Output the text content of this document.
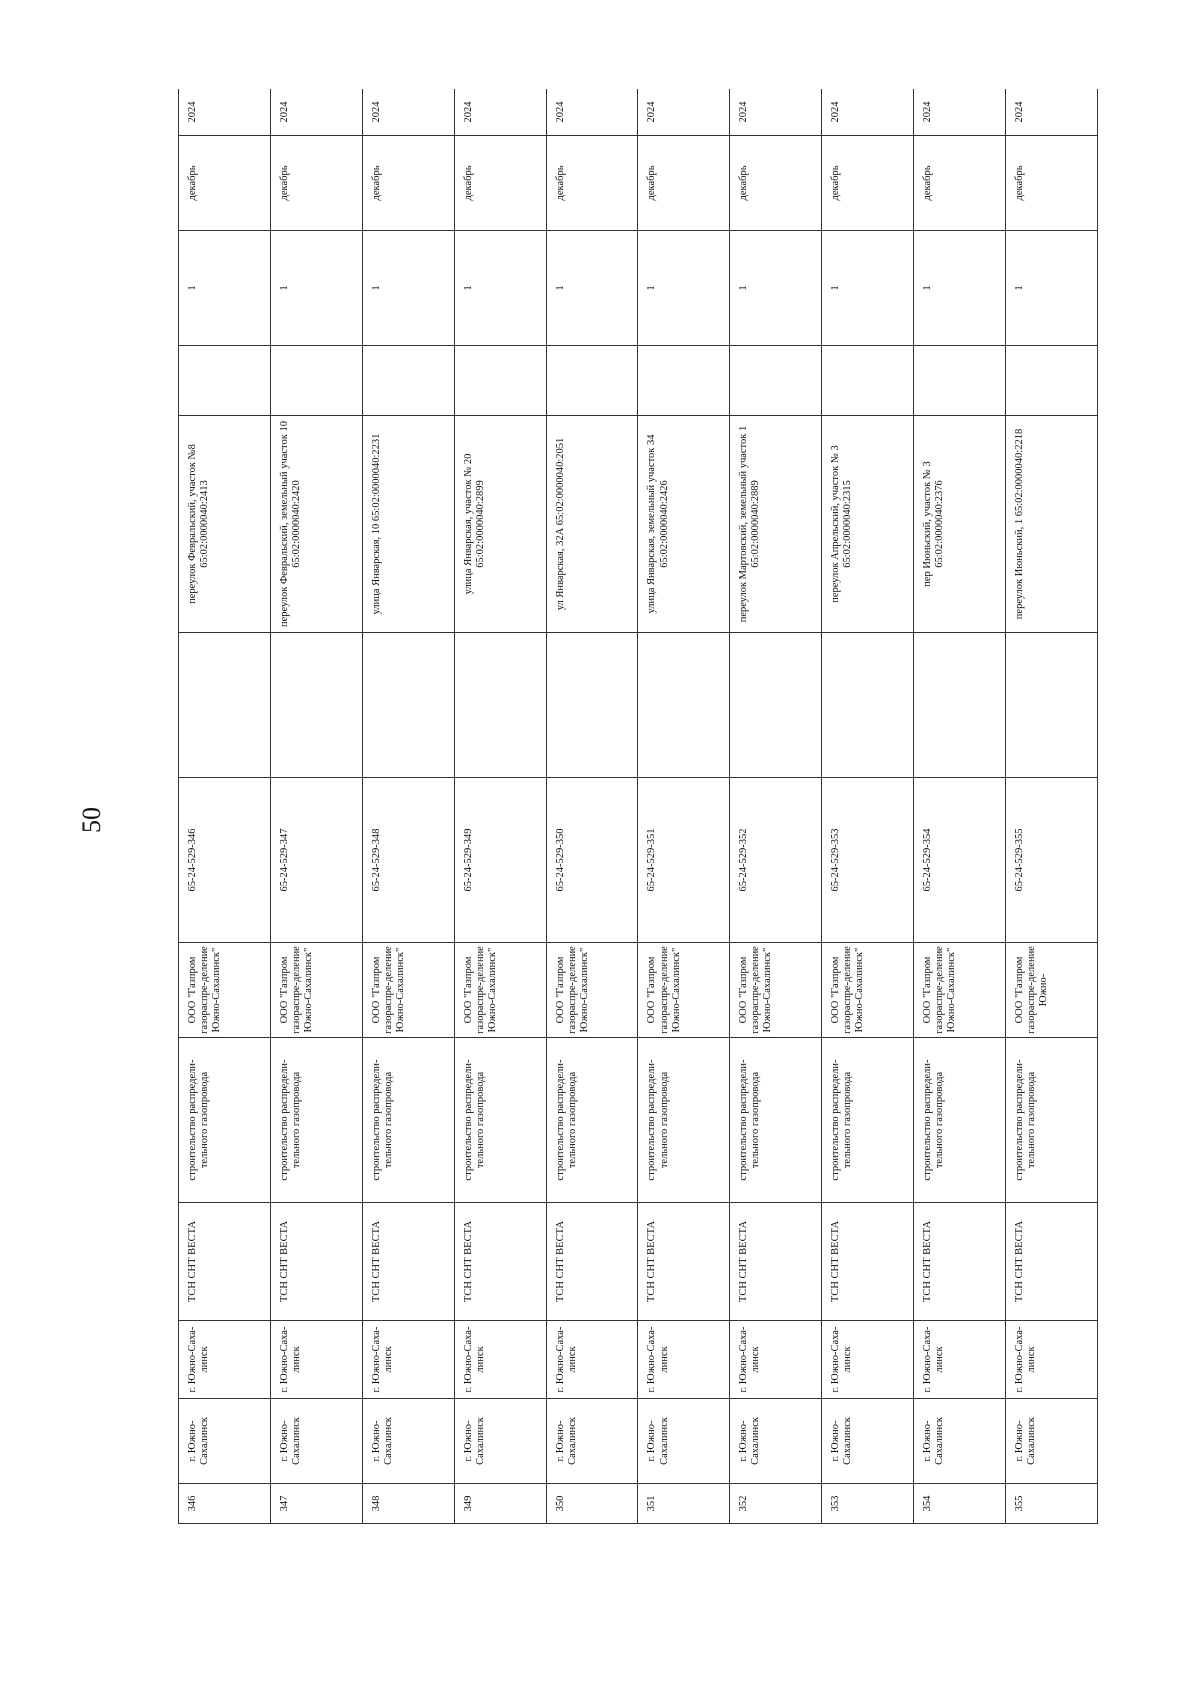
50
346	г. Южно-Сахалинск	г. Южно-Саха-линск	ТСН СНТ ВЕСТА	строительство распредели-тельного газопровода	ООО "Газпром газораспре-деление Южно-Сахалинск"	65-24-529-346		переулок Февральский, участок №8 65:02:0000040:2413		1	декабрь	2024
347	г. Южно-Сахалинск	г. Южно-Саха-линск	ТСН СНТ ВЕСТА	строительство распредели-тельного газопровода	ООО "Газпром газораспре-деление Южно-Сахалинск"	65-24-529-347		переулок Февральский, земельный участок 10 65:02:0000040:2420		1	декабрь	2024
348	г. Южно-Сахалинск	г. Южно-Саха-линск	ТСН СНТ ВЕСТА	строительство распредели-тельного газопровода	ООО "Газпром газораспре-деление Южно-Сахалинск"	65-24-529-348		улица Январская, 10 65:02:0000040:2231		1	декабрь	2024
349	г. Южно-Сахалинск	г. Южно-Саха-линск	ТСН СНТ ВЕСТА	строительство распредели-тельного газопровода	ООО "Газпром газораспре-деление Южно-Сахалинск"	65-24-529-349		улица Январская, участок № 20 65:02:0000040:2899		1	декабрь	2024
350	г. Южно-Сахалинск	г. Южно-Саха-линск	ТСН СНТ ВЕСТА	строительство распредели-тельного газопровода	ООО "Газпром газораспре-деление Южно-Сахалинск"	65-24-529-350		ул Январская, 32А 65:02:0000040:2051		1	декабрь	2024
351	г. Южно-Сахалинск	г. Южно-Саха-линск	ТСН СНТ ВЕСТА	строительство распредели-тельного газопровода	ООО "Газпром газораспре-деление Южно-Сахалинск"	65-24-529-351		улица Январская, земельный участок 34 65:02:0000040:2426		1	декабрь	2024
352	г. Южно-Сахалинск	г. Южно-Саха-линск	ТСН СНТ ВЕСТА	строительство распредели-тельного газопровода	ООО "Газпром газораспре-деление Южно-Сахалинск"	65-24-529-352		переулок Мартовский, земельный участок 1 65:02:0000040:2889		1	декабрь	2024
353	г. Южно-Сахалинск	г. Южно-Саха-линск	ТСН СНТ ВЕСТА	строительство распредели-тельного газопровода	ООО "Газпром газораспре-деление Южно-Сахалинск"	65-24-529-353		переулок Апрельский, участок № 3 65:02:0000040:2315		1	декабрь	2024
354	г. Южно-Сахалинск	г. Южно-Саха-линск	ТСН СНТ ВЕСТА	строительство распредели-тельного газопровода	ООО "Газпром газораспре-деление Южно-Сахалинск"	65-24-529-354		пер Июньский, участок № 3 65:02:0000040:2376		1	декабрь	2024
355	г. Южно-Сахалинск	г. Южно-Саха-линск	ТСН СНТ ВЕСТА	строительство распредели-тельного газопровода	ООО "Газпром газораспре-деление Южно-	65-24-529-355		переулок Июньский, 1 65:02:0000040:2218		1	декабрь	2024
